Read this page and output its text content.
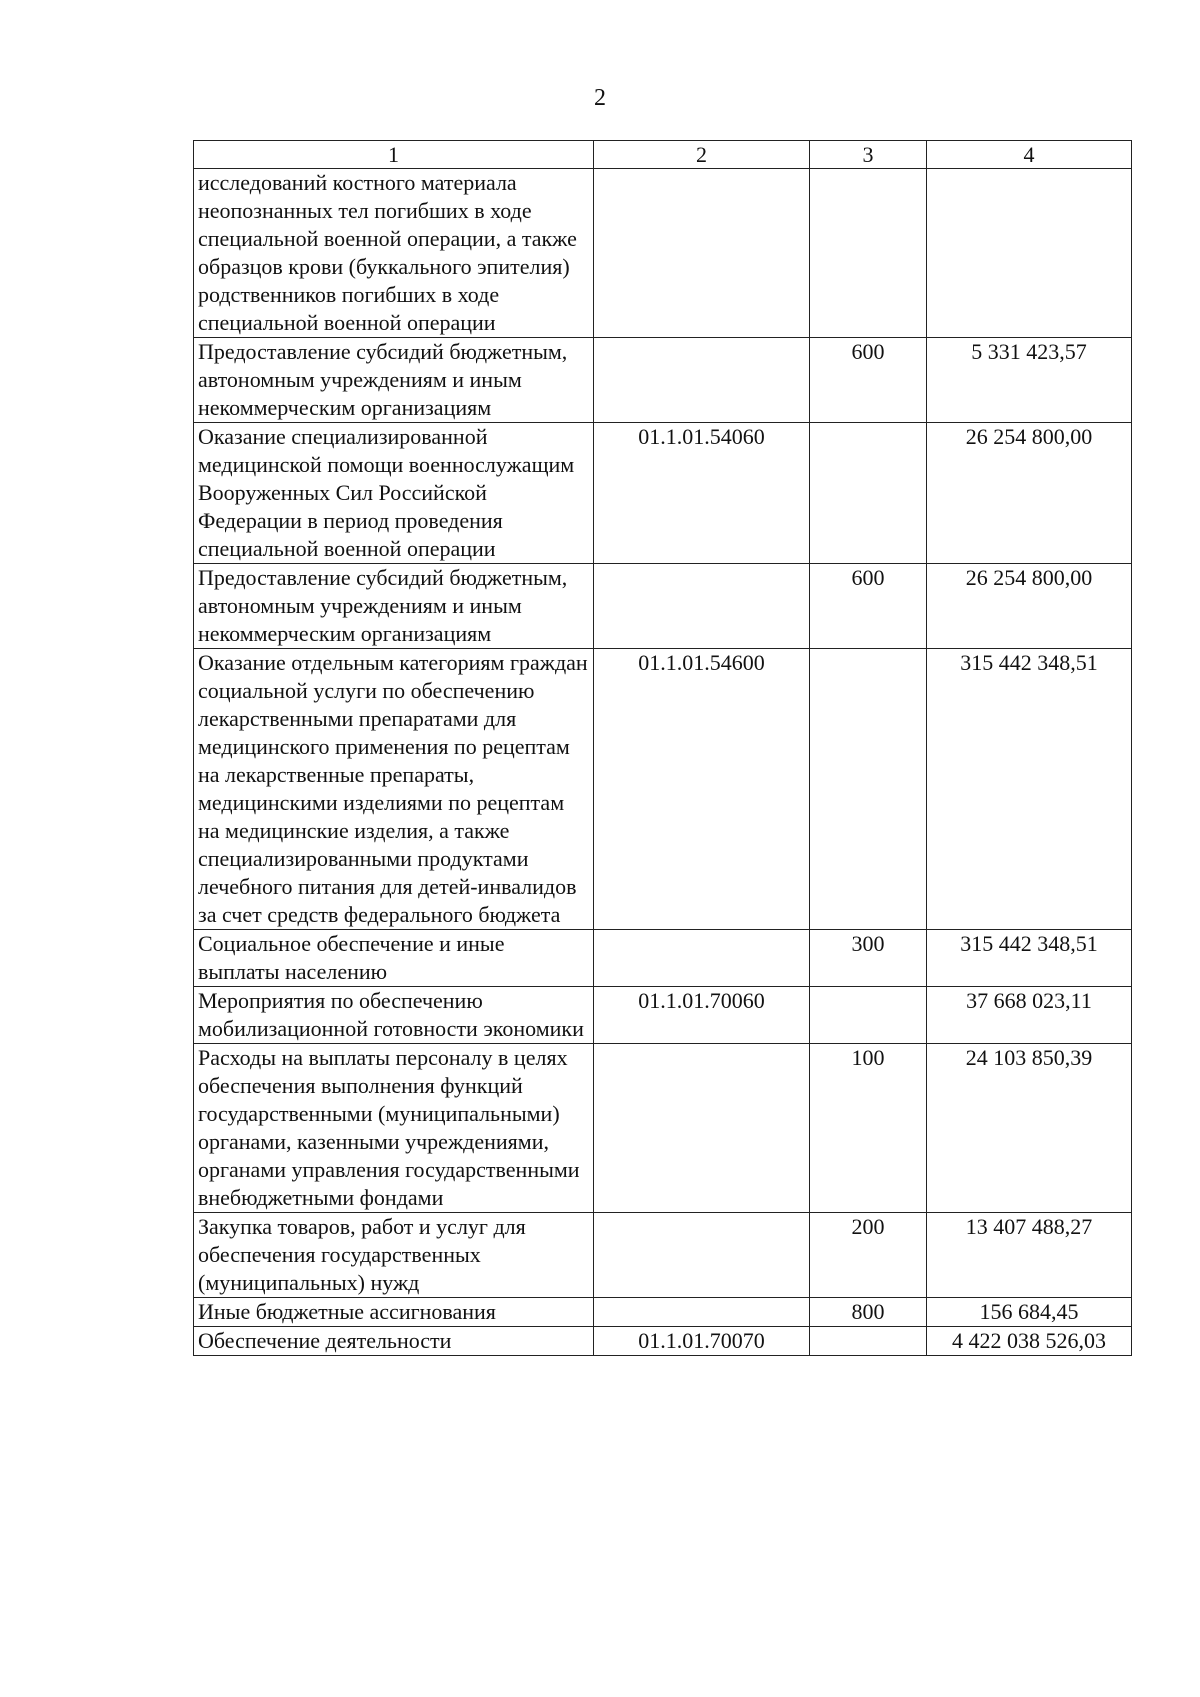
2
1	2	3	4
исследований костного материала неопознанных тел погибших в ходе специальной военной операции, а также образцов крови (буккального эпителия) родственников погибших в ходе специальной военной операции			
Предоставление субсидий бюджетным, автономным учреждениям и иным некоммерческим организациям		600	5 331 423,57
Оказание специализированной медицинской помощи военнослужащим Вооруженных Сил Российской Федерации в период проведения специальной военной операции	01.1.01.54060		26 254 800,00
Предоставление субсидий бюджетным, автономным учреждениям и иным некоммерческим организациям		600	26 254 800,00
Оказание отдельным категориям граждан социальной услуги по обеспечению лекарственными препаратами для медицинского применения по рецептам на лекарственные препараты, медицинскими изделиями по рецептам на медицинские изделия, а также специализированными продуктами лечебного питания для детей-инвалидов за счет средств федерального бюджета	01.1.01.54600		315 442 348,51
Социальное обеспечение и иные выплаты населению		300	315 442 348,51
Мероприятия по обеспечению мобилизационной готовности экономики	01.1.01.70060		37 668 023,11
Расходы на выплаты персоналу в целях обеспечения выполнения функций государственными (муниципальными) органами, казенными учреждениями, органами управления государственными внебюджетными фондами		100	24 103 850,39
Закупка товаров, работ и услуг для обеспечения государственных (муниципальных) нужд		200	13 407 488,27
Иные бюджетные ассигнования		800	156 684,45
Обеспечение деятельности	01.1.01.70070		4 422 038 526,03
